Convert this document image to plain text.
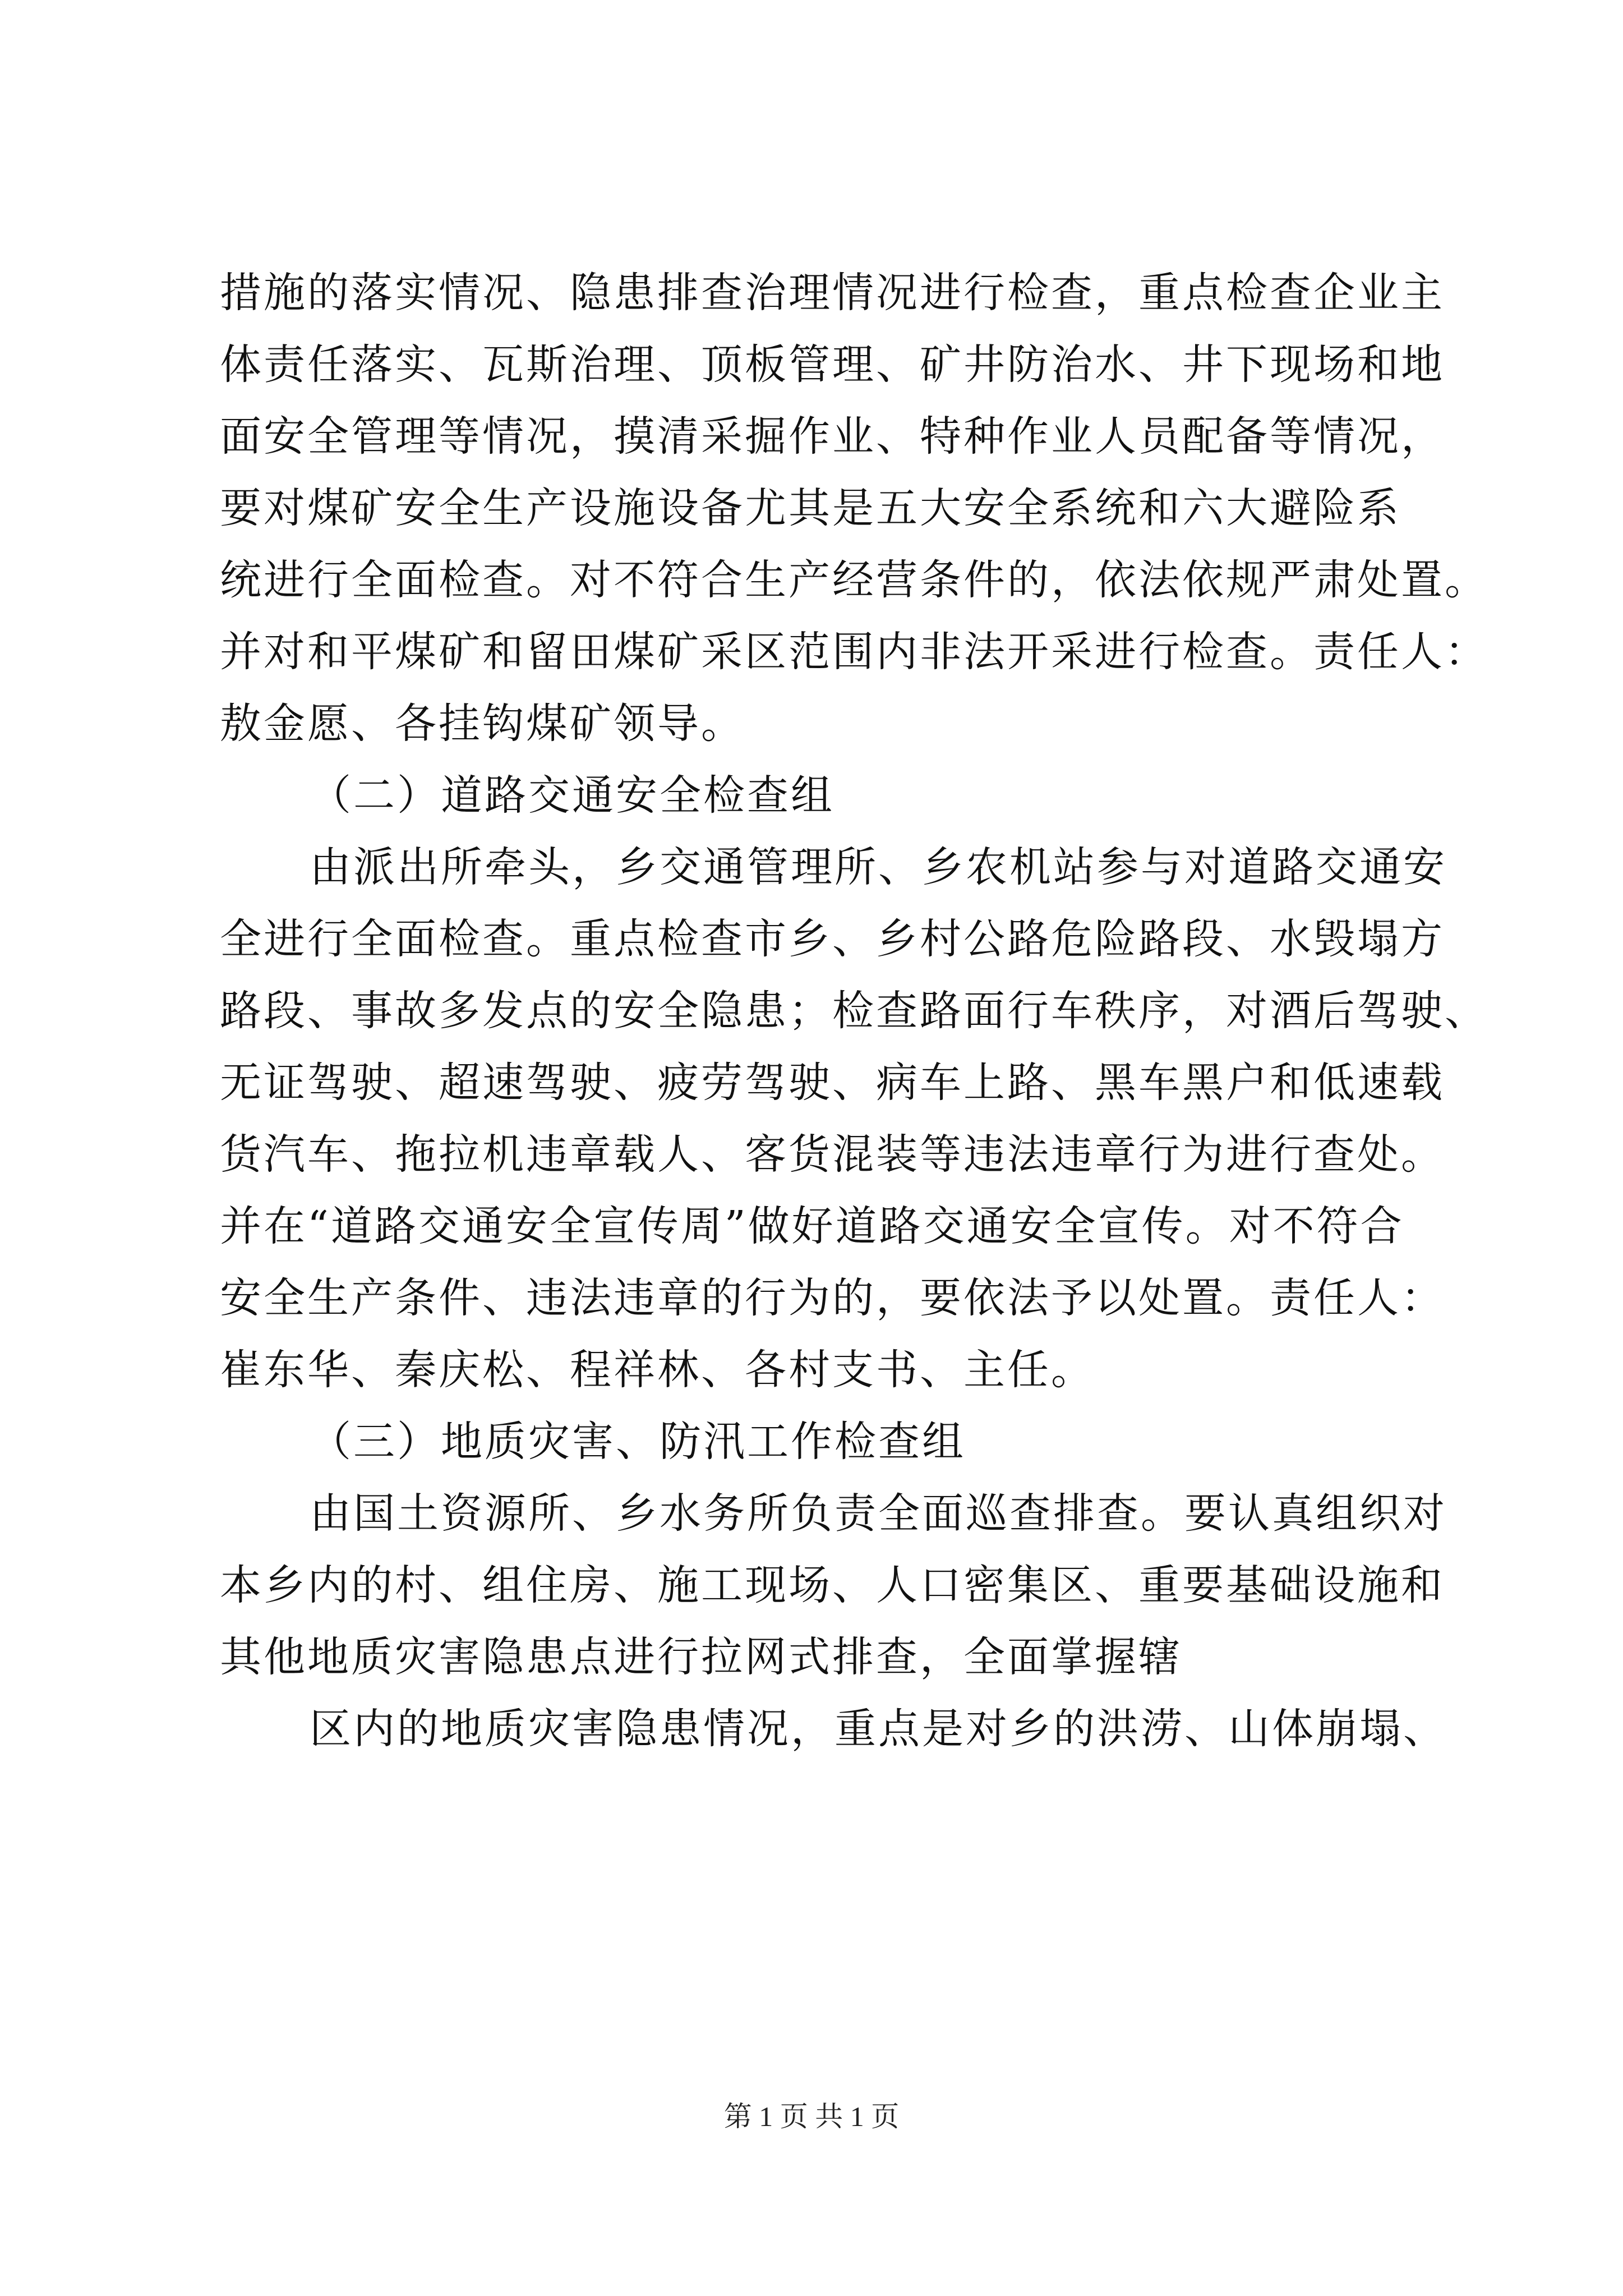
措施的落实情况、隐患排查治理情况进行检查，重点检查企业主
体责任落实、瓦斯治理、顶板管理、矿井防治水、井下现场和地
面安全管理等情况，摸清采掘作业、特种作业人员配备等情况，
要对煤矿安全生产设施设备尤其是五大安全系统和六大避险系
统进行全面检查。对不符合生产经营条件的，依法依规严肃处置。
并对和平煤矿和留田煤矿采区范围内非法开采进行检查。责任人：
敖金愿、各挂钩煤矿领导。
（二）道路交通安全检查组
由派出所牵头，乡交通管理所、乡农机站参与对道路交通安
全进行全面检查。重点检查市乡、乡村公路危险路段、水毁塌方
路段、事故多发点的安全隐患；检查路面行车秩序，对酒后驾驶、
无证驾驶、超速驾驶、疲劳驾驶、病车上路、黑车黑户和低速载
货汽车、拖拉机违章载人、客货混装等违法违章行为进行查处。
并在“道路交通安全宣传周”做好道路交通安全宣传。对不符合
安全生产条件、违法违章的行为的，要依法予以处置。责任人：
崔东华、秦庆松、程祥林、各村支书、主任。
（三）地质灾害、防汛工作检查组
由国土资源所、乡水务所负责全面巡查排查。要认真组织对
本乡内的村、组住房、施工现场、人口密集区、重要基础设施和
其他地质灾害隐患点进行拉网式排查，全面掌握辖
区内的地质灾害隐患情况，重点是对乡的洪涝、山体崩塌、
第 1 页 共 1 页
